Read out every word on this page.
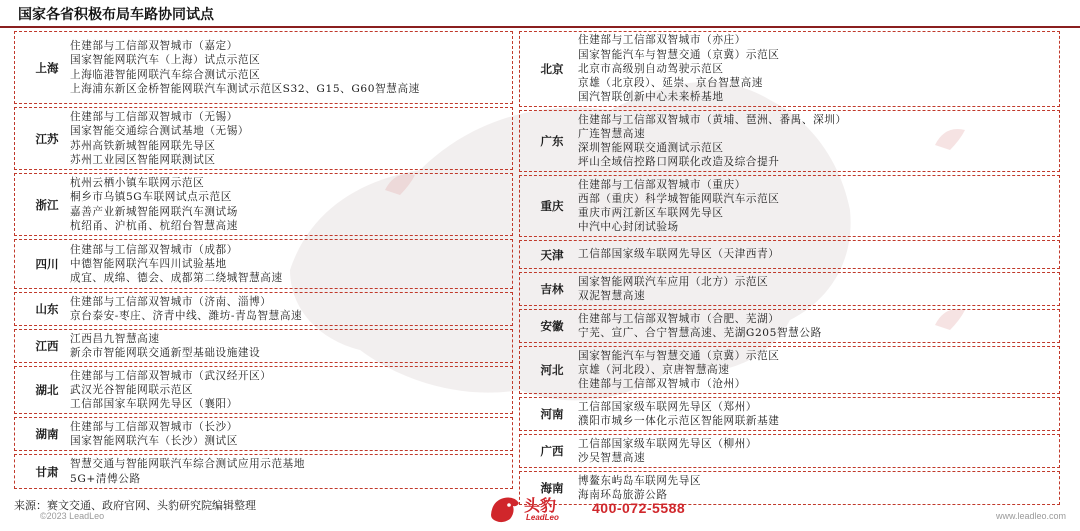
国家各省积极布局车路协同试点
上海
住建部与工信部双智城市（嘉定）
国家智能网联汽车（上海）试点示范区
上海临港智能网联汽车综合测试示范区
上海浦东新区金桥智能网联汽车测试示范区S32、G15、G60智慧高速
江苏
住建部与工信部双智城市（无锡）
国家智能交通综合测试基地（无锡）
苏州高铁新城智能网联先导区
苏州工业园区智能网联测试区
浙江
杭州云栖小镇车联网示范区
桐乡市乌镇5G车联网试点示范区
嘉善产业新城智能网联汽车测试场
杭绍甬、沪杭甬、杭绍台智慧高速
四川
住建部与工信部双智城市（成都）
中德智能网联汽车四川试验基地
成宜、成绵、德会、成都第二绕城智慧高速
山东
住建部与工信部双智城市（济南、淄博）
京台泰安-枣庄、济青中线、潍坊-青岛智慧高速
江西
江西昌九智慧高速
新余市智能网联交通新型基础设施建设
湖北
住建部与工信部双智城市（武汉经开区）
武汉光谷智能网联示范区
工信部国家车联网先导区（襄阳）
湖南
住建部与工信部双智城市（长沙）
国家智能网联汽车（长沙）测试区
甘肃
智慧交通与智能网联汽车综合测试应用示范基地
5G+清傅公路
北京
住建部与工信部双智城市（亦庄）
国家智能汽车与智慧交通（京冀）示范区
北京市高级别自动驾驶示范区
京雄（北京段）、延崇、京台智慧高速
国汽智联创新中心未来桥基地
广东
住建部与工信部双智城市（黄埔、琶洲、番禺、深圳）
广连智慧高速
深圳智能网联交通测试示范区
坪山全域信控路口网联化改造及综合提升
重庆
住建部与工信部双智城市（重庆）
西部（重庆）科学城智能网联汽车示范区
重庆市两江新区车联网先导区
中汽中心封闭试验场
天津	工信部国家级车联网先导区（天津西青）
吉林
国家智能网联汽车应用（北方）示范区
双泥智慧高速
安徽
住建部与工信部双智城市（合肥、芜湖）
宁芜、宣广、合宁智慧高速、芜湖G205智慧公路
河北
国家智能汽车与智慧交通（京冀）示范区
京雄（河北段）、京唐智慧高速
住建部与工信部双智城市（沧州）
河南
工信部国家级车联网先导区（郑州）
濮阳市城乡一体化示范区智能网联新基建
广西
工信部国家级车联网先导区（柳州）
沙吴智慧高速
海南
博鳌东屿岛车联网先导区
海南环岛旅游公路
来源：赛文交通、政府官网、头豹研究院编辑整理
©2023 LeadLeo
头豹
LeadLeo
400-072-5588	www.leadleo.com
